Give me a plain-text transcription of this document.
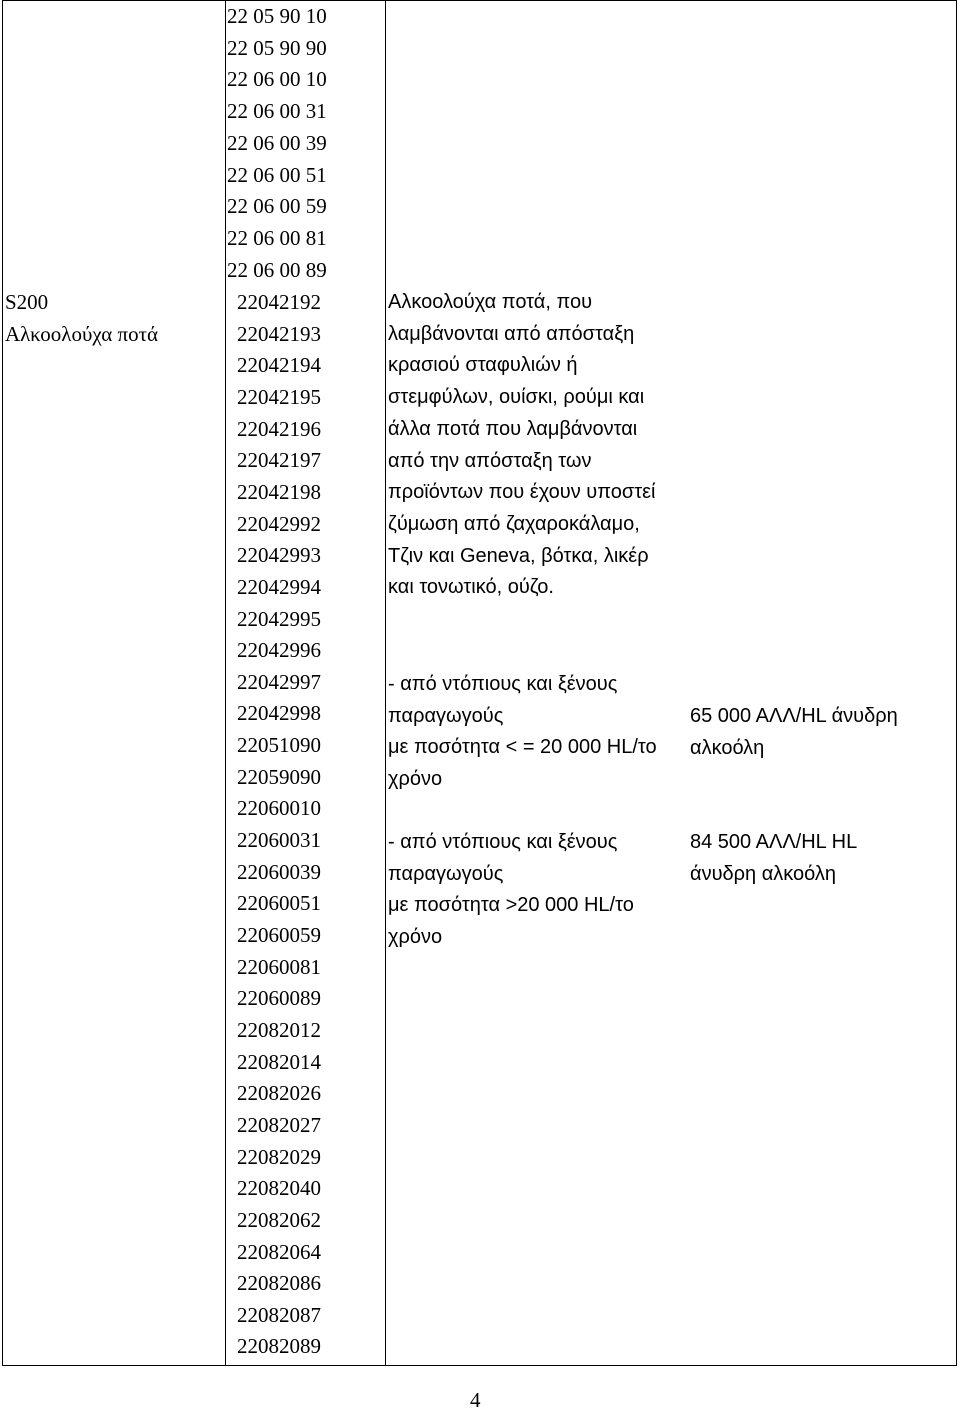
S200
Αλκοολούχα ποτά
22 05 90 10
22 05 90 90
22 06 00 10
22 06 00 31
22 06 00 39
22 06 00 51
22 06 00 59
22 06 00 81
22 06 00 89
22042192
22042193
22042194
22042195
22042196
22042197
22042198
22042992
22042993
22042994
22042995
22042996
22042997
22042998
22051090
22059090
22060010
22060031
22060039
22060051
22060059
22060081
22060089
22082012
22082014
22082026
22082027
22082029
22082040
22082062
22082064
22082086
22082087
22082089
Αλκοολούχα ποτά, που
λαμβάνονται από απόσταξη
κρασιού σταφυλιών ή
στεμφύλων, ουίσκι, ρούμι και
άλλα ποτά που λαμβάνονται
από την απόσταξη των
προϊόντων που έχουν υποστεί
ζύμωση από ζαχαροκάλαμο,
Τζιν και Geneva, βότκα, λικέρ
και τονωτικό, ούζο.
- από ντόπιους και ξένους
παραγωγούς
με ποσότητα < = 20 000 HL/το
χρόνο
65 000 ΑΛΛ/HL άνυδρη
αλκοόλη
- από ντόπιους και ξένους
παραγωγούς
με ποσότητα >20 000 HL/το
χρόνο
84 500 ΑΛΛ/HL HL
άνυδρη αλκοόλη
4
